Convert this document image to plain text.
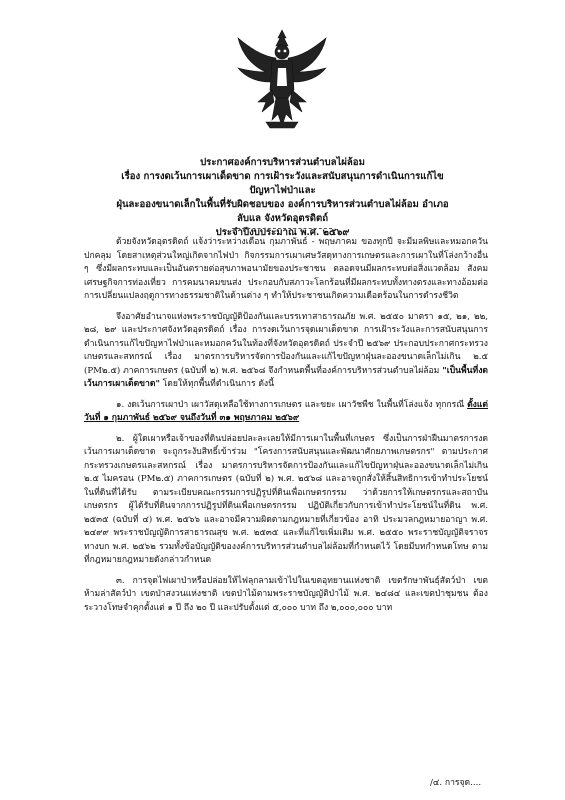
ประกาศองค์การบริหารส่วนตำบลไผ่ล้อม
เรื่อง การงดเว้นการเผาเด็ดขาด การเฝ้าระวังและสนับสนุนการดำเนินการแก้ไขปัญหาไฟป่าและ
ฝุ่นละอองขนาดเล็กในพื้นที่รับผิดชอบของ องค์การบริหารส่วนตำบลไผ่ล้อม อำเภอลับแล จังหวัดอุตรดิตถ์
ประจำปีงบประมาณ พ.ศ. ๒๕๖๙

ด้วยจังหวัดอุตรดิตถ์ แจ้งว่าระหว่างเดือน กุมภาพันธ์ - พฤษภาคม ของทุกปี จะมีมลพิษและหมอกควันปกคลุม โดยสาเหตุส่วนใหญ่เกิดจากไฟป่า กิจกรรมการเผาเศษวัสดุทางการเกษตรและการเผาในที่โล่งกว้างอื่น ๆ ซึ่งมีผลกระทบและเป็นอันตรายต่อสุขภาพอนามัยของประชาชน ตลอดจนมีผลกระทบต่อสิ่งแวดล้อม สังคม เศรษฐกิจการท่องเที่ยว การคมนาคมขนส่ง ประกอบกับสภาวะโลกร้อนที่มีผลกระทบทั้งทางตรงและทางอ้อมต่อการเปลี่ยนแปลงฤดูการทางธรรมชาติในด้านต่าง ๆ ทำให้ประชาชนเกิดความเดือดร้อนในการดำรงชีวิต

จึงอาศัยอำนาจแห่งพระราชบัญญัติป้องกันและบรรเทาสาธารณภัย พ.ศ. ๒๕๕๐ มาตรา ๑๕, ๒๑, ๒๒, ๒๘, ๒๙ และประกาศจังหวัดอุตรดิตถ์ เรื่อง การงดเว้นการจุดเผาเด็ดขาด การเฝ้าระวังและการสนับสนุนการดำเนินการแก้ไขปัญหาไฟป่าและหมอกควันในท้องที่จังหวัดอุตรดิตถ์ ประจำปี ๒๕๖๙ ประกอบประกาศกระทรวงเกษตรและสหกรณ์ เรื่อง มาตรการบริหารจัดการป้องกันและแก้ไขปัญหาฝุ่นละอองขนาดเล็กไม่เกิน ๒.๕ (PM๒.๕) ภาคการเกษตร (ฉบับที่ ๒) พ.ศ. ๒๕๖๘ จึงกำหนดพื้นที่องค์การบริหารส่วนตำบลไผ่ล้อม "เป็นพื้นที่งดเว้นการเผาเด็ดขาด" โดยให้ทุกพื้นที่ดำเนินการ ดังนี้

๑. งดเว้นการเผาป่า เผาวัสดุเหลือใช้ทางการเกษตร และขยะ เผาวัชพืช ในพื้นที่โล่งแจ้ง ทุกกรณี ตั้งแต่วันที่ ๑ กุมภาพันธ์ ๒๕๖๙ จนถึงวันที่ ๓๑ พฤษภาคม ๒๕๖๙

๒. ผู้ใดเผาหรือเจ้าของที่ดินปล่อยปละละเลยให้มีการเผาในพื้นที่เกษตร ซึ่งเป็นการฝ่าฝืนมาตรการงดเว้นการเผาเด็ดขาด จะถูกระงับสิทธิ์เข้าร่วม "โครงการสนับสนุนและพัฒนาศักยภาพเกษตรกร" ตามประกาศกระทรวงเกษตรและสหกรณ์ เรื่อง มาตรการบริหารจัดการป้องกันและแก้ไขปัญหาฝุ่นละอองขนาดเล็กไม่เกิน ๒.๕ ไมครอน (PM๒.๕) ภาคการเกษตร (ฉบับที่ ๒) พ.ศ. ๒๕๖๘ และอาจถูกสั่งให้สิ้นสิทธิการเข้าทำประโยชน์ในที่ดินที่ได้รับ ตามระเบียบคณะกรรมการปฏิรูปที่ดินเพื่อเกษตรกรรม ว่าด้วยการให้เกษตรกรและสถาบันเกษตรกร ผู้ได้รับที่ดินจากการปฏิรูปที่ดินเพื่อเกษตรกรรม ปฏิบัติเกี่ยวกับการเข้าทำประโยชน์ในที่ดิน พ.ศ. ๒๕๓๕ (ฉบับที่ ๔) พ.ศ. ๒๕๖๖ และอาจมีความผิดตามกฎหมายที่เกี่ยวข้อง อาทิ ประมวลกฎหมายอาญา พ.ศ. ๒๔๙๙ พระราชบัญญัติการสาธารณสุข พ.ศ. ๒๕๓๕ และที่แก้ไขเพิ่มเติม พ.ศ. ๒๕๕๐ พระราชบัญญัติจราจรทางบก พ.ศ. ๒๕๖๒ รวมทั้งข้อบัญญัติของงค์การบริหารส่วนตำบลไผ่ล้อมที่กำหนดไว้ โดยมีบทกำหนดโทษ ตามที่กฎหมายกฎหมายดังกล่าวกำหนด

๓. การจุดไฟเผาป่าหรือปล่อยให้ไฟลุกลามเข้าไปในเขตอุทยานแห่งชาติ เขตรักษาพันธุ์สัตว์ป่า เขตห้ามล่าสัตว์ป่า เขตป่าสงวนแห่งชาติ เขตป่าไม้ตามพระราชบัญญัติป่าไม้ พ.ศ. ๒๔๘๔ และเขตป่าชุมชน ต้องระวางโทษจำคุกตั้งแต่ ๑ ปี ถึง ๒๐ ปี และปรับตั้งแต่ ๕,๐๐๐ บาท ถึง ๒,๐๐๐,๐๐๐ บาท

/๔. การจุด....
